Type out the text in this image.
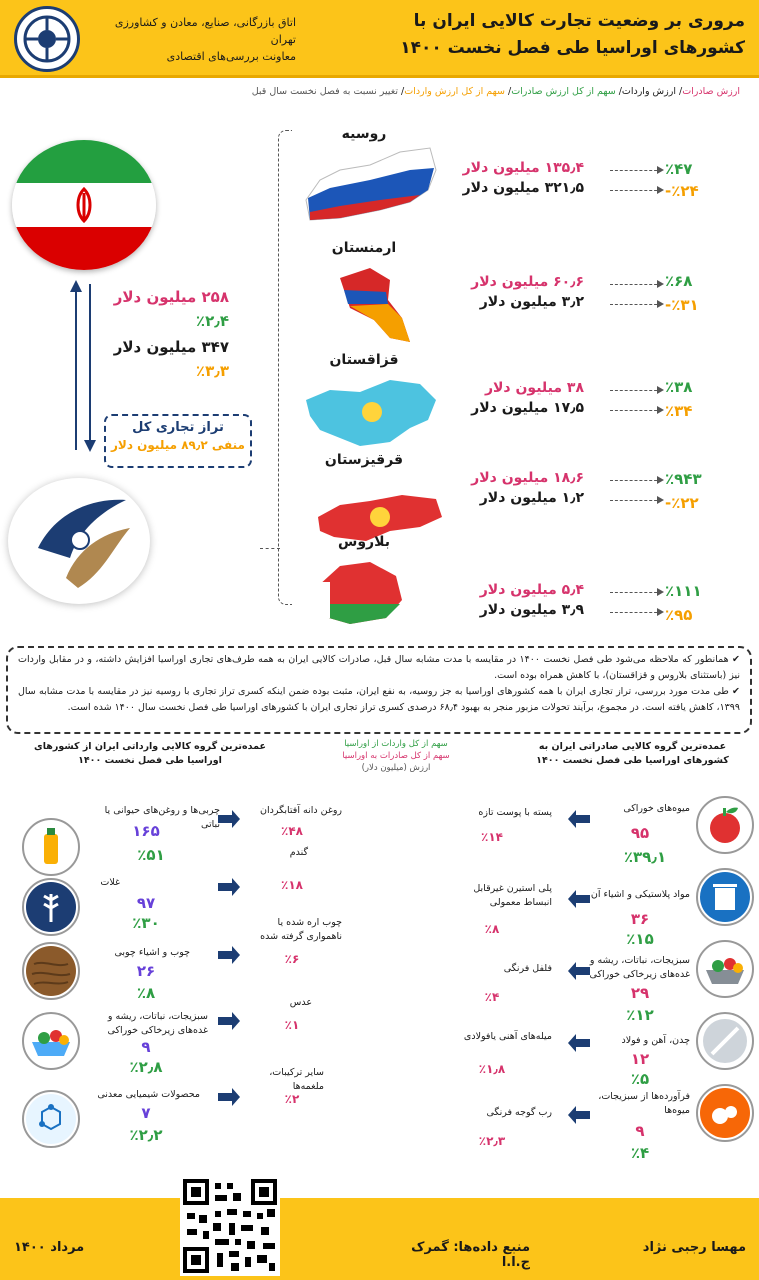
مروری بر وضعیت تجارت کالایی ایران با کشورهای اوراسیا طی فصل نخست ۱۴۰۰
اتاق بازرگانی، صنایع، معادن و کشاورزی تهران
معاونت بررسی‌های اقتصادی
ارزش صادرات/ ارزش واردات/ سهم از کل ارزش صادرات/ سهم از کل ارزش واردات/ تغییر نسبت به فصل نخست سال قبل
۲۵۸ میلیون دلار
٪۲٫۴
۳۴۷ میلیون دلار
٪۳٫۳
تراز تجاری کل
منفی ۸۹٫۲ میلیون دلار
روسیه
۱۳۵٫۴ میلیون دلار
۳۲۱٫۵ میلیون دلار
٪۴۷
٪۲۴-
ارمنستان
۶۰٫۶ میلیون دلار
۳٫۲ میلیون دلار
٪۶۸
٪۳۱-
قزاقستان
۳۸ میلیون دلار
۱۷٫۵ میلیون دلار
٪۳۸
٪۳۴
قرقیزستان
۱۸٫۶ میلیون دلار
۱٫۲ میلیون دلار
٪۹۴۳
٪۲۲-
بلاروس
۵٫۴ میلیون دلار
۳٫۹ میلیون دلار
٪۱۱۱
٪۹۵
✔ همانطور که ملاحظه می‌شود طی فصل نخست ۱۴۰۰ در مقایسه با مدت مشابه سال قبل، صادرات کالایی ایران به همه طرف‌های تجاری اوراسیا افزایش داشته، و در مقابل واردات نیز (باستثنای بلاروس و قزاقستان)، با کاهش همراه بوده است.
✔ طی مدت مورد بررسی، تراز تجاری ایران با همه کشورهای اوراسیا به جز روسیه، به نفع ایران، مثبت بوده ضمن اینکه کسری تراز تجاری با روسیه نیز در مقایسه با مدت مشابه سال ۱۳۹۹، کاهش یافته است. در مجموع، برآیند تحولات مزبور منجر به بهبود ۶۸٫۴ درصدی کسری تراز تجاری ایران با کشورهای اوراسیا طی فصل نخست سال ۱۴۰۰ شده است.
عمده‌ترین گروه کالایی صادراتی ایران به کشورهای اوراسیا طی فصل نخست ۱۴۰۰
عمده‌ترین گروه کالایی وارداتی ایران از کشورهای اوراسیا طی فصل نخست ۱۴۰۰
سهم از کل واردات از اوراسیا
سهم از کل صادرات به اوراسیا
ارزش (میلیون دلار)
میوه‌های خوراکی
۹۵
٪۳۹٫۱
پسته با پوست تازه
٪۱۴
مواد پلاستیکی و اشیاء آن
۳۶
٪۱۵
پلی استیرن غیرقابل انبساط معمولی
٪۸
سبزیجات، نباتات، ریشه و غده‌های زیرخاکی خوراکی
۲۹
٪۱۲
فلفل فرنگی
٪۴
چدن، آهن و فولاد
۱۲
٪۵
میله‌های آهنی یافولادی
٪۱٫۸
فرآورده‌ها از سبزیجات، میوه‌ها
۹
٪۴
رب گوجه فرنگی
٪۲٫۳
چربی‌ها و روغن‌های حیوانی یا نباتی
۱۶۵
٪۵۱
روغن دانه آفتابگردان
٪۴۸
غلات
۹۷
٪۳۰
گندم
٪۱۸
چوب و اشیاء چوبی
۲۶
٪۸
چوب اره شده یا ناهمواری گرفته شده
٪۶
سبزیجات، نباتات، ریشه و غده‌های زیرخاکی خوراکی
۹
٪۲٫۸
عدس
٪۱
محصولات شیمیایی معدنی
۷
٪۲٫۲
سایر ترکیبات، ملغمه‌ها
٪۲
مهسا رجبی نژاد
منبع داده‌ها: گمرک ج.ا.ا
مرداد ۱۴۰۰
